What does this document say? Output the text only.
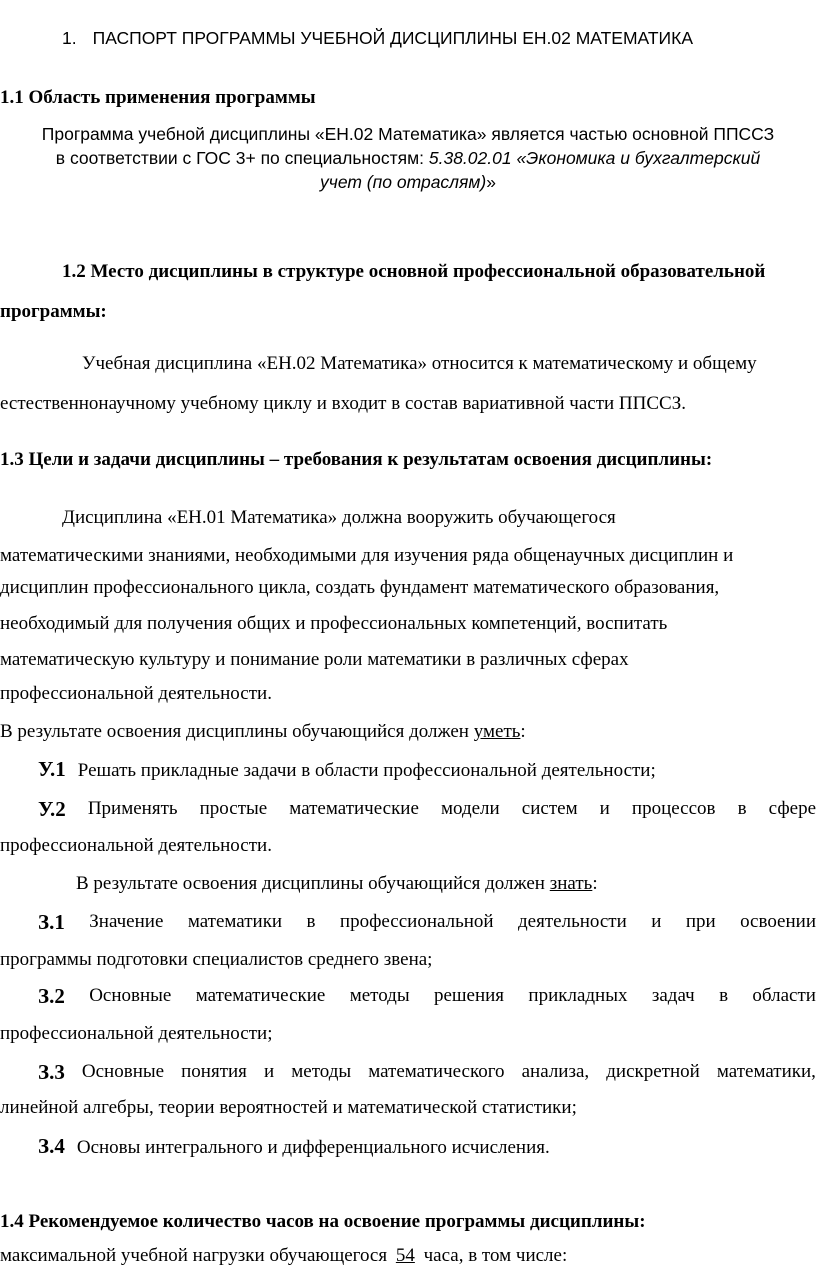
1. ПАСПОРТ ПРОГРАММЫ УЧЕБНОЙ ДИСЦИПЛИНЫ ЕН.02 МАТЕМАТИКА
1.1 Область применения программы
Программа учебной дисциплины «ЕН.02 Математика» является частью основной ППССЗ
в соответствии с ГОС 3+ по специальностям: 5.38.02.01 «Экономика и бухгалтерский
учет (по отраслям)»
1.2 Место дисциплины в структуре основной профессиональной образовательной
программы:
Учебная дисциплина «ЕН.02 Математика» относится к математическому и общему
естественнонаучному учебному циклу и входит в состав вариативной части ППССЗ.
1.3 Цели и задачи дисциплины – требования к результатам освоения дисциплины:
Дисциплина «ЕН.01 Математика» должна вооружить обучающегося
математическими знаниями, необходимыми для изучения ряда общенаучных дисциплин и
дисциплин профессионального цикла, создать фундамент математического образования,
необходимый для получения общих и профессиональных компетенций, воспитать
математическую культуру и понимание роли математики в различных сферах
профессиональной деятельности.
В результате освоения дисциплины обучающийся должен уметь:
У.1 Решать прикладные задачи в области профессиональной деятельности;
У.2 Применять простые математические модели систем и процессов в сфере
профессиональной деятельности.
В результате освоения дисциплины обучающийся должен знать:
З.1 Значение математики в профессиональной деятельности и при освоении
программы подготовки специалистов среднего звена;
З.2 Основные математические методы решения прикладных задач в области
профессиональной деятельности;
З.3 Основные понятия и методы математического анализа, дискретной математики,
линейной алгебры, теории вероятностей и математической статистики;
З.4 Основы интегрального и дифференциального исчисления.
1.4 Рекомендуемое количество часов на освоение программы дисциплины:
максимальной учебной нагрузки обучающегося 54 часа, в том числе:
